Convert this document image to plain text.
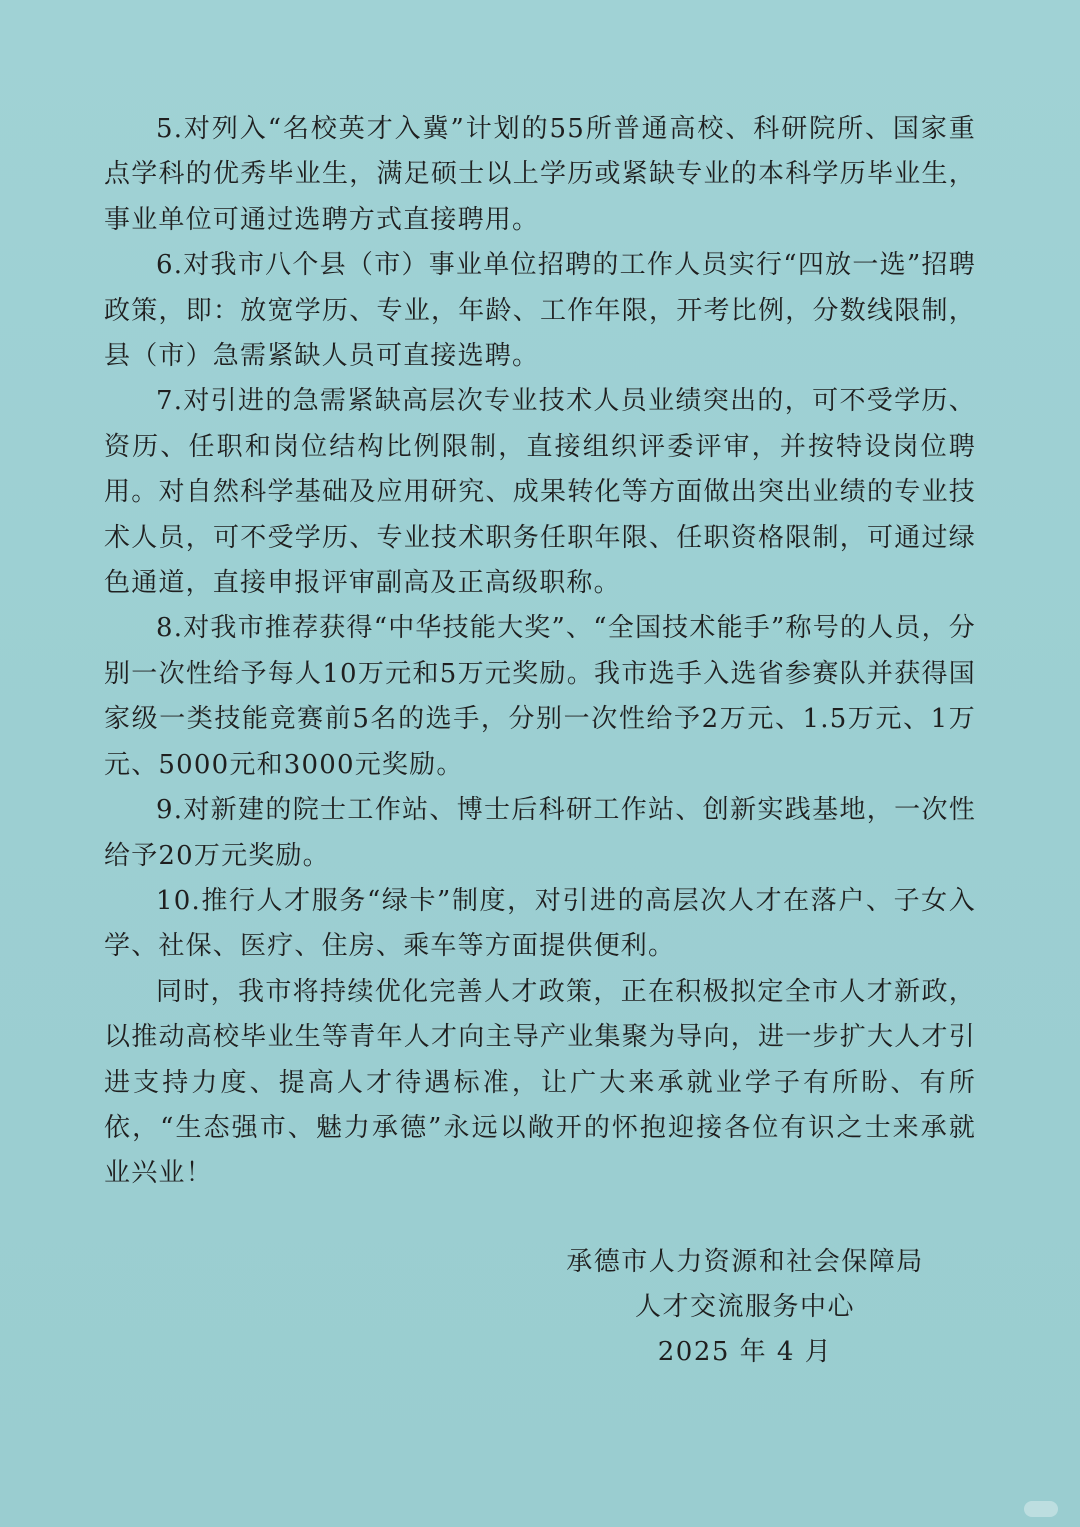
5.对列入“名校英才入冀”计划的55所普通高校、科研院所、国家重点学科的优秀毕业生，满足硕士以上学历或紧缺专业的本科学历毕业生，事业单位可通过选聘方式直接聘用。

6.对我市八个县（市）事业单位招聘的工作人员实行“四放一选”招聘政策，即：放宽学历、专业，年龄、工作年限，开考比例，分数线限制，县（市）急需紧缺人员可直接选聘。

7.对引进的急需紧缺高层次专业技术人员业绩突出的，可不受学历、资历、任职和岗位结构比例限制，直接组织评委评审，并按特设岗位聘用。对自然科学基础及应用研究、成果转化等方面做出突出业绩的专业技术人员，可不受学历、专业技术职务任职年限、任职资格限制，可通过绿色通道，直接申报评审副高及正高级职称。

8.对我市推荐获得“中华技能大奖”、“全国技术能手”称号的人员，分别一次性给予每人10万元和5万元奖励。我市选手入选省参赛队并获得国家级一类技能竞赛前5名的选手，分别一次性给予2万元、1.5万元、1万元、5000元和3000元奖励。

9.对新建的院士工作站、博士后科研工作站、创新实践基地，一次性给予20万元奖励。

10.推行人才服务“绿卡”制度，对引进的高层次人才在落户、子女入学、社保、医疗、住房、乘车等方面提供便利。

同时，我市将持续优化完善人才政策，正在积极拟定全市人才新政，以推动高校毕业生等青年人才向主导产业集聚为导向，进一步扩大人才引进支持力度、提高人才待遇标准，让广大来承就业学子有所盼、有所依，“生态强市、魅力承德”永远以敞开的怀抱迎接各位有识之士来承就业兴业！

承德市人力资源和社会保障局
人才交流服务中心
2025 年 4 月
